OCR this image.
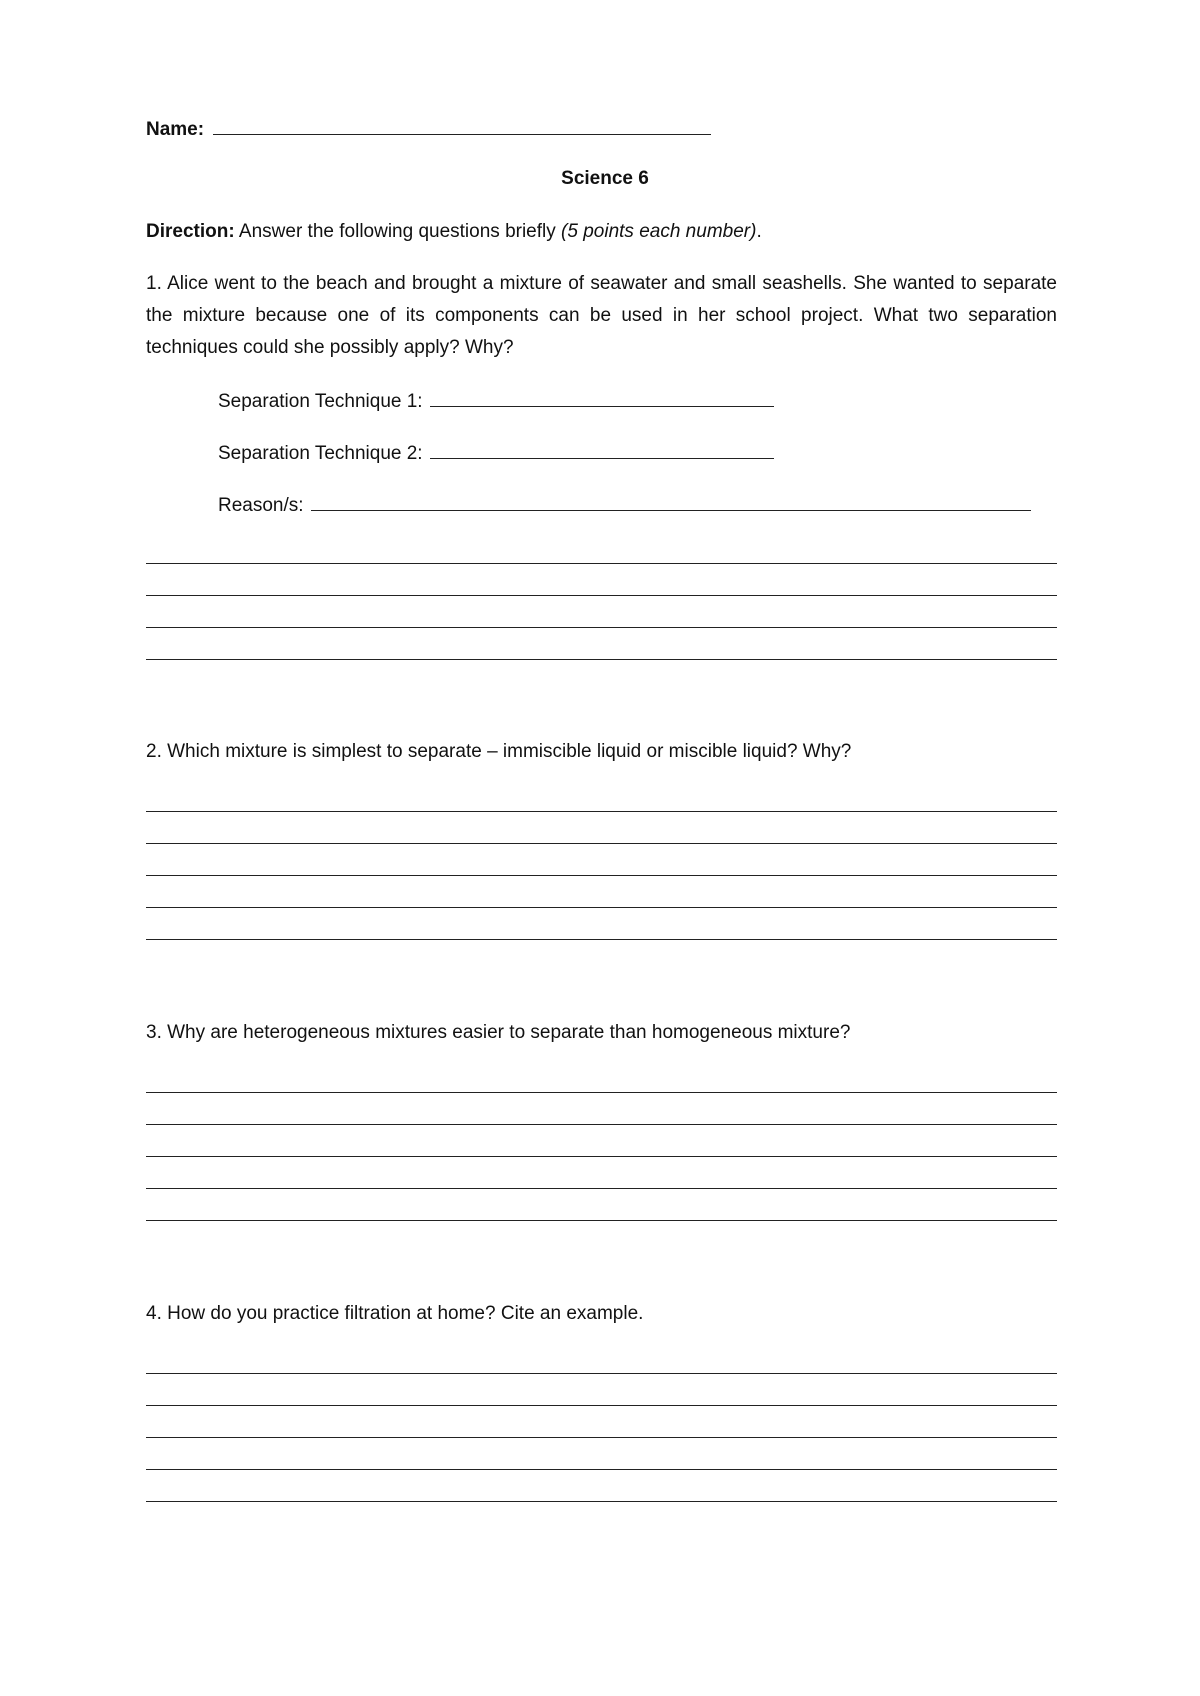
Name:
Science 6
Direction: Answer the following questions briefly (5 points each number).
1. Alice went to the beach and brought a mixture of seawater and small seashells. She wanted to separate the mixture because one of its components can be used in her school project. What two separation techniques could she possibly apply? Why?
Separation Technique 1:
Separation Technique 2:
Reason/s:
2. Which mixture is simplest to separate – immiscible liquid or miscible liquid? Why?
3. Why are heterogeneous mixtures easier to separate than homogeneous mixture?
4. How do you practice filtration at home? Cite an example.
